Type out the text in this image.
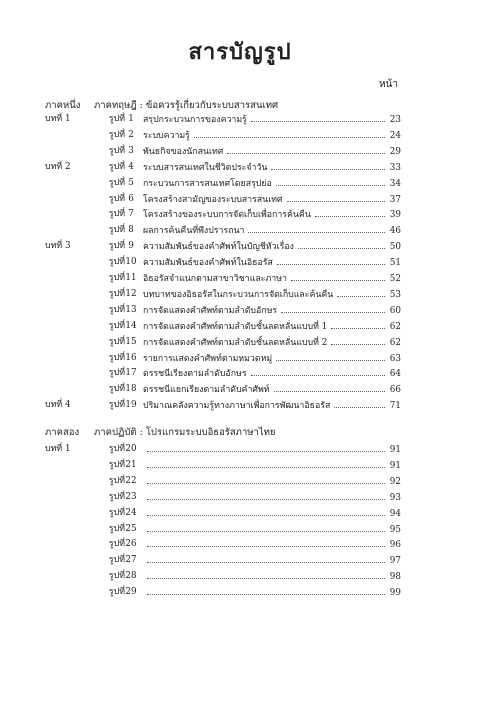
สารบัญรูป
หน้า
ภาคหนึ่ง ภาคทฤษฎี : ข้อควรรู้เกี่ยวกับระบบสารสนเทศ
บทที่ 1	รูปที่ 1	สรุปกระบวนการของความรู้	23
รูปที่ 2	ระบบความรู้	24
รูปที่ 3	พันธกิจของนักสนเทศ	29
บทที่ 2	รูปที่ 4	ระบบสารสนเทศในชีวิตประจำวัน	33
รูปที่ 5	กระบวนการสารสนเทศโดยสรุปย่อ	34
รูปที่ 6	โครงสร้างสามัญของระบบสารสนเทศ	37
รูปที่ 7	โครงสร้างของระบบการจัดเก็บเพื่อการค้นคืน	39
รูปที่ 8	ผลการค้นคืนที่พึงปรารถนา	46
บทที่ 3	รูปที่ 9	ความสัมพันธ์ของคำศัพท์ในบัญชีหัวเรื่อง	50
รูปที่ 10 ความสัมพันธ์ของคำศัพท์ในอิธอรัส	51
รูปที่ 11 อิธอรัสจำแนกตามสาขาวิชาและภาษา	52
รูปที่ 12 บทบาทของอิธอรัสในกระบวนการจัดเก็บและค้นคืน	53
รูปที่ 13 การจัดแสดงคำศัพท์ตามลำดับอักษร	60
รูปที่ 14 การจัดแสดงคำศัพท์ตามลำดับชั้นลดหลั่นแบบที่ 1	62
รูปที่ 15 การจัดแสดงคำศัพท์ตามลำดับชั้นลดหลั่นแบบที่ 2	62
รูปที่ 16 รายการแสดงคำศัพท์ตามหมวดหมู่	63
รูปที่ 17 ดรรชนีเรียงตามลำดับอักษร	64
รูปที่ 18 ดรรชนีแยกเรียงตามลำดับคำศัพท์	66
บทที่ 4	รูปที่ 19 ปริมาณคลังความรู้ทางภาษาเพื่อการพัฒนาอิธอรัส	71
ภาคสอง ภาคปฏิบัติ : โปรแกรมระบบอิธอรัสภาษาไทย
บทที่ 1	รูปที่ 20	91
รูปที่ 21	91
รูปที่ 22	92
รูปที่ 23	93
รูปที่ 24	94
รูปที่ 25	95
รูปที่ 26	96
รูปที่ 27	97
รูปที่ 28	98
รูปที่ 29	99
